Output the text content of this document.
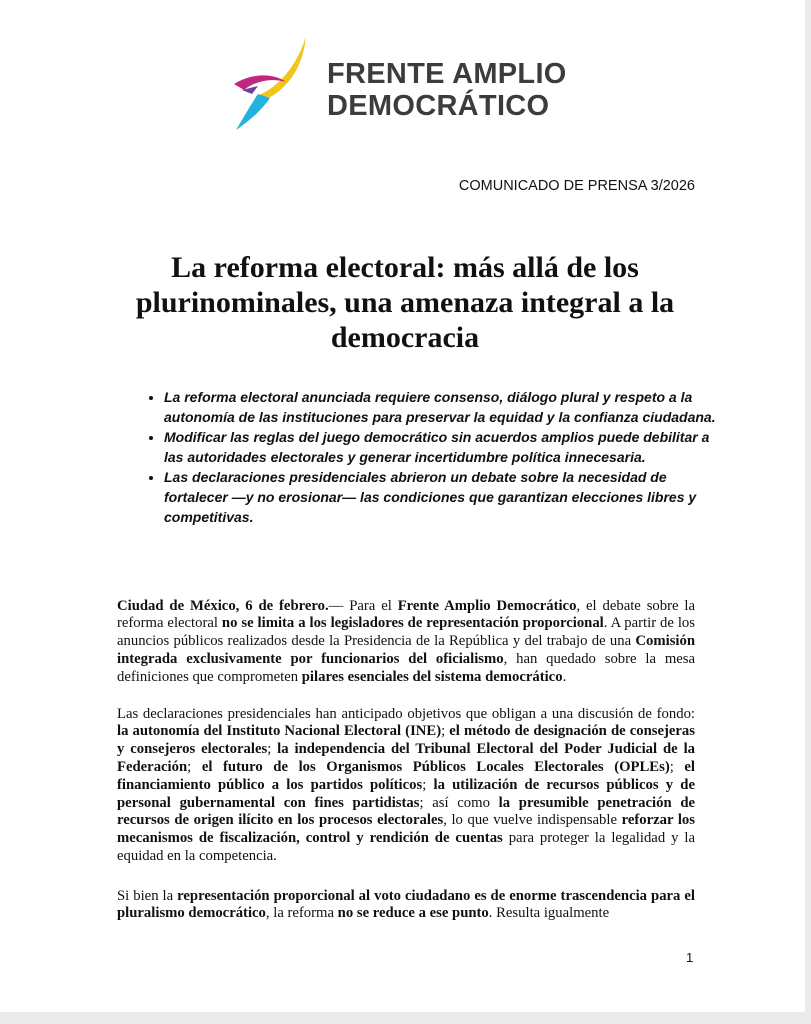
FRENTE AMPLIO
DEMOCRÁTICO
COMUNICADO DE PRENSA 3/2026
La reforma electoral: más allá de los plurinominales, una amenaza integral a la democracia
• La reforma electoral anunciada requiere consenso, diálogo plural y respeto a la autonomía de las instituciones para preservar la equidad y la confianza ciudadana.
• Modificar las reglas del juego democrático sin acuerdos amplios puede debilitar a las autoridades electorales y generar incertidumbre política innecesaria.
• Las declaraciones presidenciales abrieron un debate sobre la necesidad de fortalecer —y no erosionar— las condiciones que garantizan elecciones libres y competitivas.

Ciudad de México, 6 de febrero.— Para el Frente Amplio Democrático, el debate sobre la reforma electoral no se limita a los legisladores de representación proporcional. A partir de los anuncios públicos realizados desde la Presidencia de la República y del trabajo de una Comisión integrada exclusivamente por funcionarios del oficialismo, han quedado sobre la mesa definiciones que comprometen pilares esenciales del sistema democrático.

Las declaraciones presidenciales han anticipado objetivos que obligan a una discusión de fondo: la autonomía del Instituto Nacional Electoral (INE); el método de designación de consejeras y consejeros electorales; la independencia del Tribunal Electoral del Poder Judicial de la Federación; el futuro de los Organismos Públicos Locales Electorales (OPLEs); el financiamiento público a los partidos políticos; la utilización de recursos públicos y de personal gubernamental con fines partidistas; así como la presumible penetración de recursos de origen ilícito en los procesos electorales, lo que vuelve indispensable reforzar los mecanismos de fiscalización, control y rendición de cuentas para proteger la legalidad y la equidad en la competencia.

Si bien la representación proporcional al voto ciudadano es de enorme trascendencia para el pluralismo democrático, la reforma no se reduce a ese punto. Resulta igualmente

1
